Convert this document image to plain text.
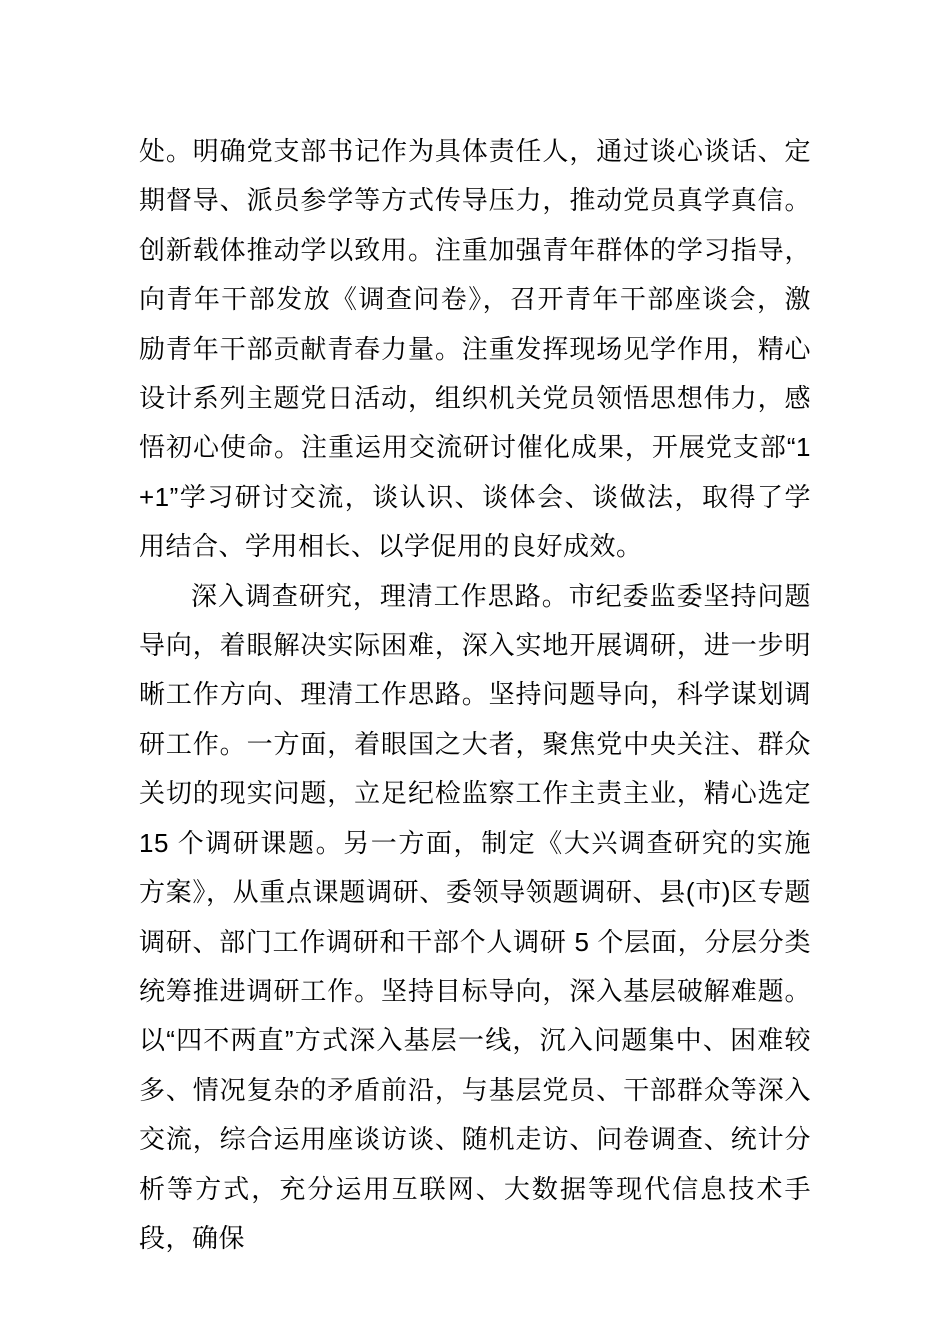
处。明确党支部书记作为具体责任人，通过谈心谈话、定期督导、派员参学等方式传导压力，推动党员真学真信。创新载体推动学以致用。注重加强青年群体的学习指导，向青年干部发放《调查问卷》，召开青年干部座谈会，激励青年干部贡献青春力量。注重发挥现场见学作用，精心设计系列主题党日活动，组织机关党员领悟思想伟力，感悟初心使命。注重运用交流研讨催化成果，开展党支部“1+1”学习研讨交流，谈认识、谈体会、谈做法，取得了学用结合、学用相长、以学促用的良好成效。

深入调查研究，理清工作思路。市纪委监委坚持问题导向，着眼解决实际困难，深入实地开展调研，进一步明晰工作方向、理清工作思路。坚持问题导向，科学谋划调研工作。一方面，着眼国之大者，聚焦党中央关注、群众关切的现实问题，立足纪检监察工作主责主业，精心选定 15 个调研课题。另一方面，制定《大兴调查研究的实施方案》，从重点课题调研、委领导领题调研、县(市)区专题调研、部门工作调研和干部个人调研 5 个层面，分层分类统筹推进调研工作。坚持目标导向，深入基层破解难题。以“四不两直”方式深入基层一线，沉入问题集中、困难较多、情况复杂的矛盾前沿，与基层党员、干部群众等深入交流，综合运用座谈访谈、随机走访、问卷调查、统计分析等方式，充分运用互联网、大数据等现代信息技术手段，确保
